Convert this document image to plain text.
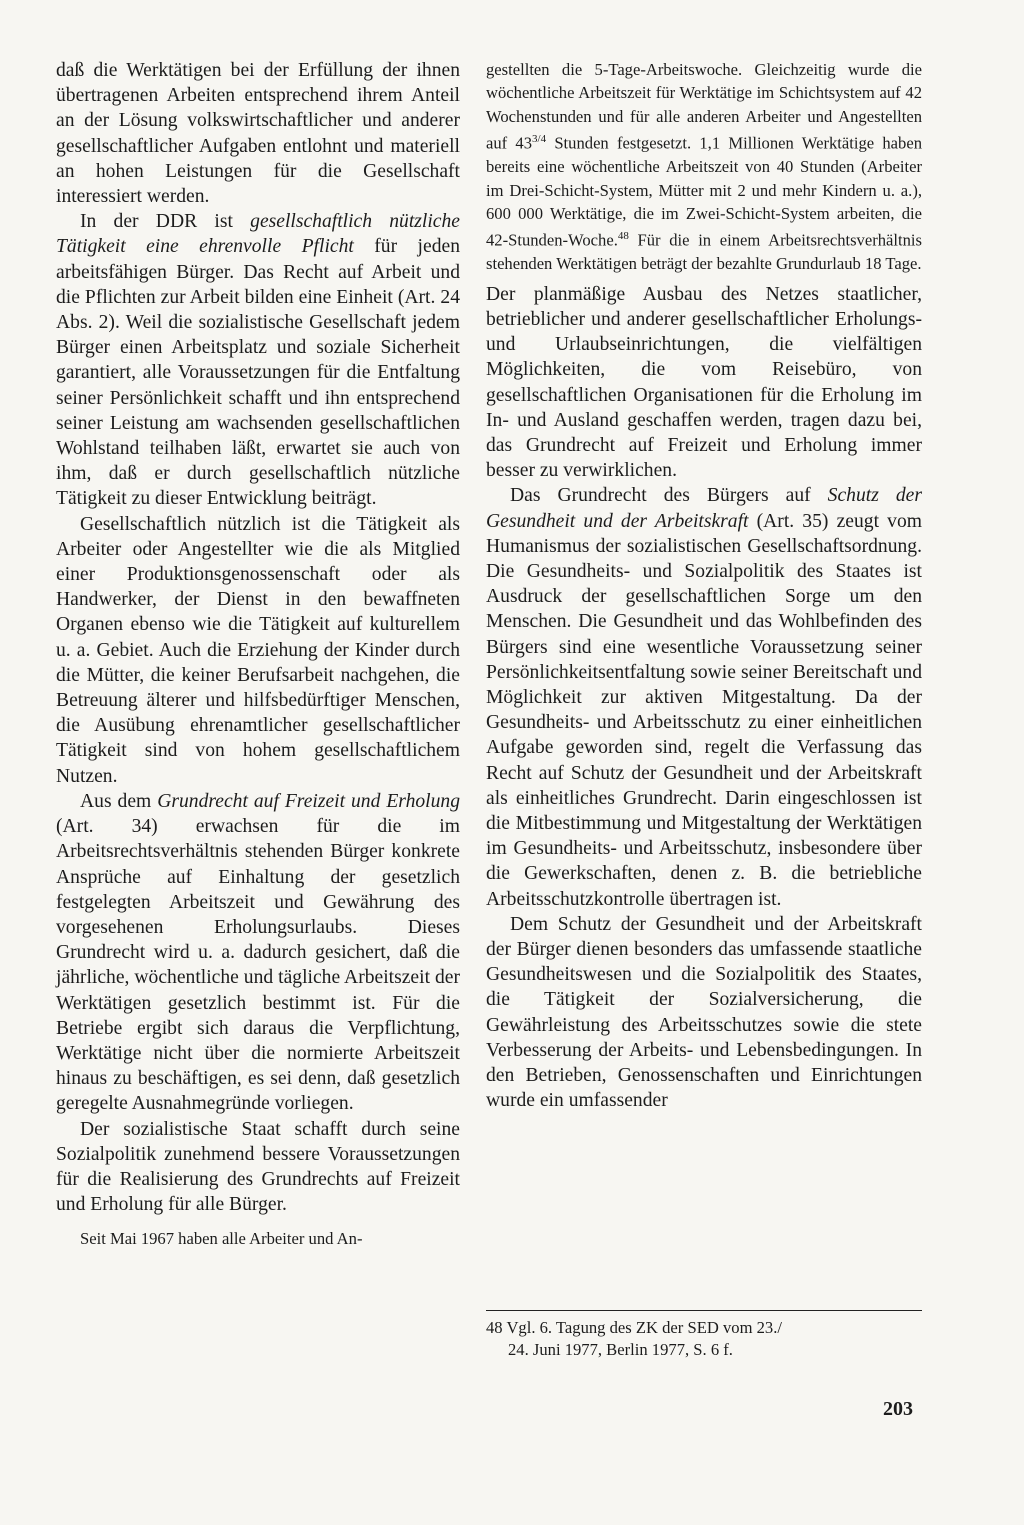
daß die Werktätigen bei der Erfüllung der ihnen übertragenen Arbeiten entsprechend ihrem Anteil an der Lösung volkswirtschaftlicher und anderer gesellschaftlicher Aufgaben entlohnt und materiell an hohen Leistungen für die Gesellschaft interessiert werden.

In der DDR ist gesellschaftlich nützliche Tätigkeit eine ehrenvolle Pflicht für jeden arbeitsfähigen Bürger. Das Recht auf Arbeit und die Pflichten zur Arbeit bilden eine Einheit (Art. 24 Abs. 2). Weil die sozialistische Gesellschaft jedem Bürger einen Arbeitsplatz und soziale Sicherheit garantiert, alle Voraussetzungen für die Entfaltung seiner Persönlichkeit schafft und ihn entsprechend seiner Leistung am wachsenden gesellschaftlichen Wohlstand teilhaben läßt, erwartet sie auch von ihm, daß er durch gesellschaftlich nützliche Tätigkeit zu dieser Entwicklung beiträgt.

Gesellschaftlich nützlich ist die Tätigkeit als Arbeiter oder Angestellter wie die als Mitglied einer Produktionsgenossenschaft oder als Handwerker, der Dienst in den bewaffneten Organen ebenso wie die Tätigkeit auf kulturellem u. a. Gebiet. Auch die Erziehung der Kinder durch die Mütter, die keiner Berufsarbeit nachgehen, die Betreuung älterer und hilfsbedürftiger Menschen, die Ausübung ehrenamtlicher gesellschaftlicher Tätigkeit sind von hohem gesellschaftlichem Nutzen.

Aus dem Grundrecht auf Freizeit und Erholung (Art. 34) erwachsen für die im Arbeitsrechtsverhältnis stehenden Bürger konkrete Ansprüche auf Einhaltung der gesetzlich festgelegten Arbeitszeit und Gewährung des vorgesehenen Erholungsurlaubs. Dieses Grundrecht wird u. a. dadurch gesichert, daß die jährliche, wöchentliche und tägliche Arbeitszeit der Werktätigen gesetzlich bestimmt ist. Für die Betriebe ergibt sich daraus die Verpflichtung, Werktätige nicht über die normierte Arbeitszeit hinaus zu beschäftigen, es sei denn, daß gesetzlich geregelte Ausnahmegründe vorliegen.

Der sozialistische Staat schafft durch seine Sozialpolitik zunehmend bessere Voraussetzungen für die Realisierung des Grundrechts auf Freizeit und Erholung für alle Bürger.

Seit Mai 1967 haben alle Arbeiter und An-

gestellten die 5-Tage-Arbeitswoche. Gleichzeitig wurde die wöchentliche Arbeitszeit für Werktätige im Schichtsystem auf 42 Wochenstunden und für alle anderen Arbeiter und Angestellten auf $43^{3/4}$ Stunden festgesetzt. 1,1 Millionen Werktätige haben bereits eine wöchentliche Arbeitszeit von 40 Stunden (Arbeiter im Drei-Schicht-System, Mütter mit 2 und mehr Kindern u. a.), 600 000 Werktätige, die im Zwei-Schicht-System arbeiten, die 42-Stunden-Woche.$^{48}$ Für die in einem Arbeitsrechtsverhältnis stehenden Werktätigen beträgt der bezahlte Grundurlaub 18 Tage.

Der planmäßige Ausbau des Netzes staatlicher, betrieblicher und anderer gesellschaftlicher Erholungs- und Urlaubseinrichtungen, die vielfältigen Möglichkeiten, die vom Reisebüro, von gesellschaftlichen Organisationen für die Erholung im In- und Ausland geschaffen werden, tragen dazu bei, das Grundrecht auf Freizeit und Erholung immer besser zu verwirklichen.

Das Grundrecht des Bürgers auf Schutz der Gesundheit und der Arbeitskraft (Art. 35) zeugt vom Humanismus der sozialistischen Gesellschaftsordnung. Die Gesundheits- und Sozialpolitik des Staates ist Ausdruck der gesellschaftlichen Sorge um den Menschen. Die Gesundheit und das Wohlbefinden des Bürgers sind eine wesentliche Voraussetzung seiner Persönlichkeitsentfaltung sowie seiner Bereitschaft und Möglichkeit zur aktiven Mitgestaltung. Da der Gesundheits- und Arbeitsschutz zu einer einheitlichen Aufgabe geworden sind, regelt die Verfassung das Recht auf Schutz der Gesundheit und der Arbeitskraft als einheitliches Grundrecht. Darin eingeschlossen ist die Mitbestimmung und Mitgestaltung der Werktätigen im Gesundheits- und Arbeitsschutz, insbesondere über die Gewerkschaften, denen z. B. die betriebliche Arbeitsschutzkontrolle übertragen ist.

Dem Schutz der Gesundheit und der Arbeitskraft der Bürger dienen besonders das umfassende staatliche Gesundheitswesen und die Sozialpolitik des Staates, die Tätigkeit der Sozialversicherung, die Gewährleistung des Arbeitsschutzes sowie die stete Verbesserung der Arbeits- und Lebensbedingungen. In den Betrieben, Genossenschaften und Einrichtungen wurde ein umfassender

48 Vgl. 6. Tagung des ZK der SED vom 23./

24. Juni 1977, Berlin 1977, S. 6 f.

203
